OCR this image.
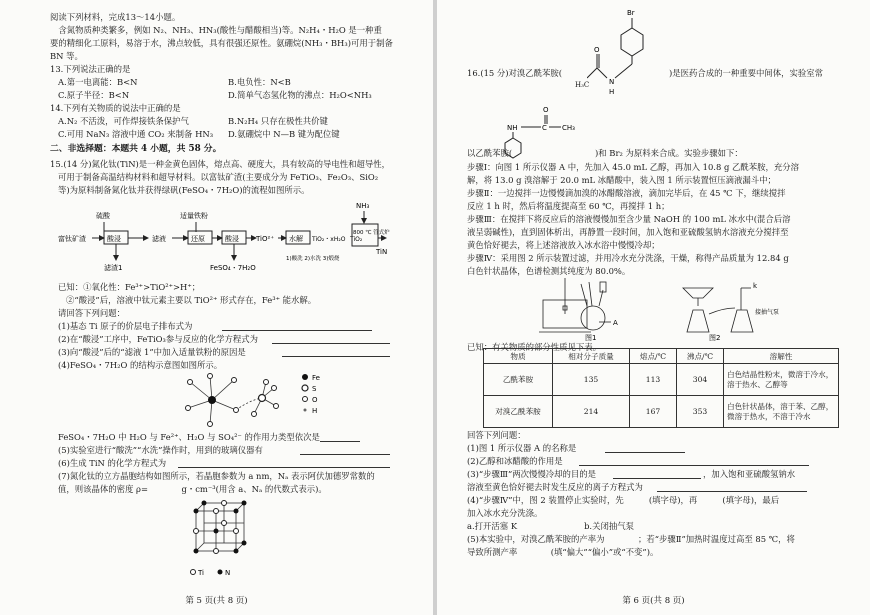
阅读下列材料，完成13～14小题。
　含氮物质种类繁多，例如 N₂、NH₃、HN₃(酸性与醋酸相当)等。N₂H₄・H₂O 是一种重
要的精细化工原料，易溶于水，沸点较低，具有很强还原性。氨硼烷(NH₃・BH₃)可用于制备
BN 等。
13.下列说法正确的是
A.第一电离能：B<N	B.电负性：N<B
C.原子半径：B<N	D.简单气态氢化物的沸点：H₂O<NH₃
14.下列有关物质的说法中正确的是
A.N₂ 不活泼，可作焊接铁条保护气	B.N₂H₄ 只存在极性共价键
C.可用 NaN₃ 溶液中通 CO₂ 来制备 HN₃ D.氨硼烷中 N—B 键为配位键
二、非选择题：本题共 4 小题，共 58 分。
15.(14 分)氮化钛(TiN)是一种金黄色固体，熔点高、硬度大，具有较高的导电性和超导性，
可用于制备高温结构材料和超导材料。以富钛矿渣(主要成分为 FeTiO₃、Fe₂O₃、SiO₂
等)为原料制备氮化钛并获得绿矾(FeSO₄・7H₂O)的流程如图所示。
富钛矿渣
硫酸
酸浸
滤渣1
滤液
适量铁粉
还原	酸浸
FeSO₄・7H₂O
TiO²⁺ 水解 TiO₂・xH₂O
1)酸洗 2)水洗 3)煅烧
TiO₂
NH₃
800 ℃ 管式炉
TiN
已知：①氧化性：Fe³⁺>TiO²⁺>H⁺；
②“酸浸”后，溶液中钛元素主要以 TiO²⁺ 形式存在，Fe³⁺ 能水解。
请回答下列问题：
(1)基态 Ti 原子的价层电子排布式为
(2)在“酸浸”工序中，FeTiO₃参与反应的化学方程式为
(3)向“酸浸”后的“滤液 1”中加入适量铁粉的原因是
(4)FeSO₄・7H₂O 的结构示意图如图所示。
Fe
S
O
H
FeSO₄・7H₂O 中 H₂O 与 Fe²⁺、H₂O 与 SO₄²⁻ 的作用力类型依次是
(5)实验室进行“酸洗”“水洗”操作时，用到的玻璃仪器有
(6)生成 TiN 的化学方程式为
(7)氮化钛的立方晶胞结构如图所示，若晶胞参数为 a nm，Nₐ 表示阿伏加德罗常数的
值，则该晶体的密度 ρ=　　　　g・cm⁻³(用含 a、Nₐ 的代数式表示)。
Ti	N
第 5 页(共 8 页)
16.(15 分)对溴乙酰苯胺(
Br
N
H
O
H₃C
)是医药合成的一种重要中间体，实验室常
O
NH	C CH₃
以乙酰苯胺(	)和 Br₂ 为原料来合成。实验步骤如下：
步骤Ⅰ：向图 1 所示仪器 A 中，先加入 45.0 mL 乙醇，再加入 10.8 g 乙酰苯胺，充分溶
解，将 13.0 g 溴溶解于 20.0 mL 冰醋酸中，装入图 1 所示装置恒压滴液漏斗中；
步骤Ⅱ：一边搅拌一边慢慢滴加溴的冰醋酸溶液，滴加完毕后，在 45 ℃ 下，继续搅拌
反应 1 h 时，然后将温度提高至 60 ℃，再搅拌 1 h；
步骤Ⅲ：在搅拌下将反应后的溶液慢慢加至含少量 NaOH 的 100 mL 冰水中(混合后溶
液呈弱碱性)，直到固体析出，再静置一段时间，加入饱和亚硫酸氢钠水溶液充分搅拌至
黄色恰好褪去，将上述溶液放入冰水浴中慢慢冷却；
步骤Ⅳ：采用图 2 所示装置过滤，并用冷水充分洗涤，干燥，称得产品质量为 12.84 g
白色针状晶体，色谱检测其纯度为 80.0%。
A
图1
k
接抽气泵
图2
已知：有关物质的部分性质见下表。
第 6 页(共 8 页)
回答下列问题：
(1)图 1 所示仪器 A 的名称是
(2)乙醇和冰醋酸的作用是
(3)“步骤Ⅲ”两次慢慢冷却的目的是	，加入饱和亚硫酸氢钠水
溶液至黄色恰好褪去时发生反应的离子方程式为
(4)“步骤Ⅳ”中，图 2 装置停止实验时，先　　　(填字母)，再　　　(填字母)，最后
加入冰水充分洗涤。
a.打开活塞 K　　　　　　　　b.关闭抽气泵
(5)本实验中，对溴乙酰苯胺的产率为　　　　；若“步骤Ⅱ”加热时温度过高至 85 ℃，将
导致所测产率　　　　(填“偏大”“偏小”或“不变”)。
物质	相对分子质量	熔点/℃	沸点/℃	溶解性
乙酰苯胺	135	113	304	白色结晶性粉末，微溶于冷水，溶于热水、乙醇等
对溴乙酰苯胺	214	167	353	白色针状晶体，溶于苯、乙醇，微溶于热水，不溶于冷水
